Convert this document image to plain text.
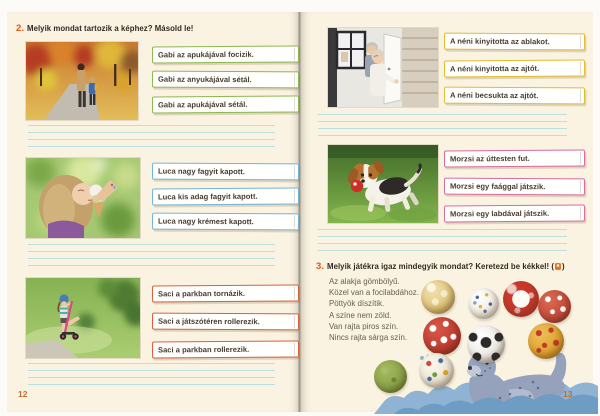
2. Melyik mondat tartozik a képhez? Másold le!
Gabi az apukájával focizik.
Gabi az anyukájával sétál.
Gabi az apukájával sétál.
Luca nagy fagyit kapott.
Luca kis adag fagyit kapott.
Luca nagy krémest kapott.
Saci a parkban tornázik.
Saci a játszótéren rollerezik.
Saci a parkban rollerezik.
12
A néni kinyitotta az ablakot.
A néni kinyitotta az ajtót.
A néni becsukta az ajtót.
Morzsi az úttesten fut.
Morzsi egy faággal játszik.
Morzsi egy labdával játszik.
3. Melyik játékra igaz mindegyik mondat? Keretezd be kékkel! ( )
Az alakja gömbölyű.
Közel van a focilabdához.
Pöttyök díszítik.
A színe nem zöld.
Van rajta piros szín.
Nincs rajta sárga szín.
13
